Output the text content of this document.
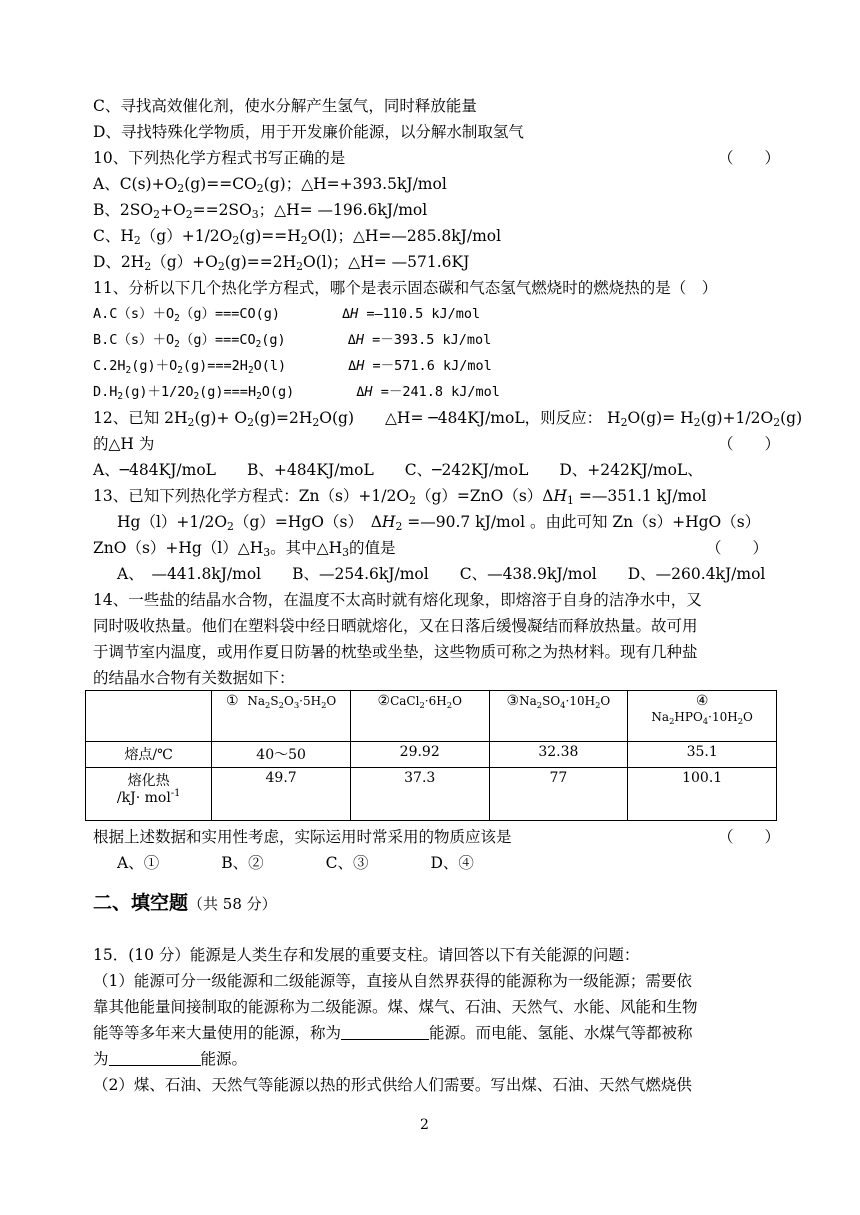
C、寻找高效催化剂，使水分解产生氢气，同时释放能量
D、寻找特殊化学物质，用于开发廉价能源，以分解水制取氢气
10、下列热化学方程式书写正确的是	（　　）
A、$C(s)+O_2(g)==CO_2(g)$；△H=+393.5kJ/mol
B、$2SO_2+O_2==2SO_3$；△H= —196.6kJ/mol
C、$H_2(g)+1/2O_2(g)==H_2O(l)$；△H=—285.8kJ/mol
D、$2H_2(g)+O_2(g)==2H_2O(l)$；△H= —571.6KJ
11、分析以下几个热化学方程式，哪个是表示固态碳和气态氢气燃烧时的燃烧热的是（　）
$A.C(s)+O_2(g)===CO(g)$	ΔH =—110.5 kJ/mol
$B.C(s)+O_2(g)===CO_2(g)$	ΔH =－393.5 kJ/mol
$C.2H_2(g)+O_2(g)===2H_2O(l)$	ΔH =－571.6 kJ/mol
$D.H_2(g)+1/2O_2(g)===H_2O(g)$	ΔH =－241.8 kJ/mol
12、已知 $2H_2(g)+ O_2(g)=2H_2O(g)$　　△H= ─484KJ/moL，则反应： $H_2O(g)= H_2(g)+1/2O_2(g)$
的△H 为	（　　）
A、─484KJ/moL　　B、+484KJ/moL　　C、─242KJ/moL　　D、+242KJ/moL、
13、已知下列热化学方程式：$Zn(s)+1/2O_2(g)=ZnO(s)\Delta H_1$ =—351.1 kJ/mol
$Hg(l)+1/2O_2(g)=HgO(s)$　$\Delta H_2$ =—90.7 kJ/mol 。由此可知 Zn（s）+HgO（s）
$ZnO(s)+Hg(l)\triangle H_3$。其中$\triangle H_3$的值是	（　　）
A、　—441.8kJ/mol　　B、—254.6kJ/mol　　C、—438.9kJ/mol　　D、—260.4kJ/mol
14、一些盐的结晶水合物，在温度不太高时就有熔化现象，即熔溶于自身的洁净水中，又
同时吸收热量。他们在塑料袋中经日晒就熔化，又在日落后缓慢凝结而释放热量。故可用
于调节室内温度，或用作夏日防暑的枕垫或坐垫，这些物质可称之为热材料。现有几种盐
的结晶水合物有关数据如下：
	①  $Na_2S_2O_3\cdot 5H_2O$	$②CaCl_2\cdot 6H_2O$	$③Na_2SO_4\cdot 10H_2O$	④
$Na_2HPO_4\cdot 10H_2O$
熔点/℃	40～50	29.92	32.38	35.1
熔化热
/kJ· mol$^{-1}$	49.7	37.3	77	100.1
根据上述数据和实用性考虑，实际运用时常采用的物质应该是	（　　）
A、①　　　　B、②　　　　C、③　　　　D、④
二、填空题（共 58 分）
15．(10 分）能源是人类生存和发展的重要支柱。请回答以下有关能源的问题：
（1）能源可分一级能源和二级能源等，直接从自然界获得的能源称为一级能源；需要依
靠其他能量间接制取的能源称为二级能源。煤、煤气、石油、天然气、水能、风能和生物
能等等多年来大量使用的能源，称为	能源。而电能、氢能、水煤气等都被称
为	能源。
（2）煤、石油、天然气等能源以热的形式供给人们需要。写出煤、石油、天然气燃烧供
2
